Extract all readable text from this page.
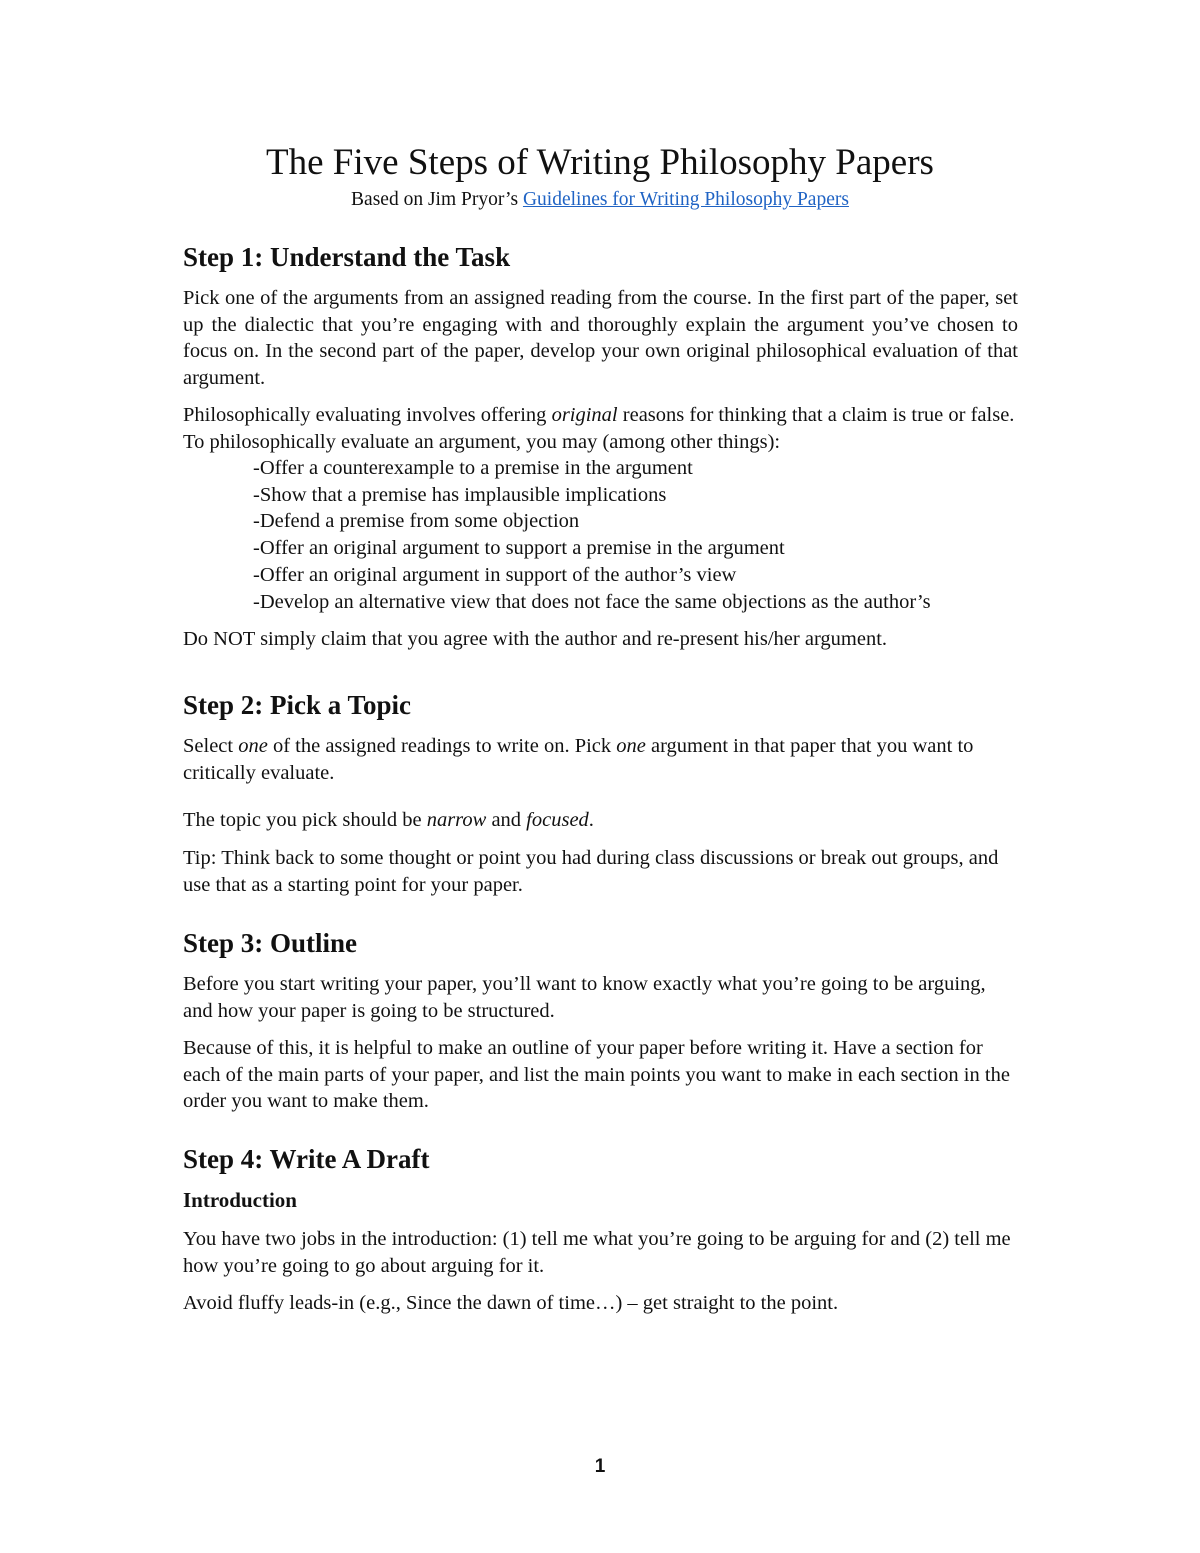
The Five Steps of Writing Philosophy Papers
Based on Jim Pryor’s Guidelines for Writing Philosophy Papers
Step 1: Understand the Task

Pick one of the arguments from an assigned reading from the course. In the first part of the paper, set up the dialectic that you’re engaging with and thoroughly explain the argument you’ve chosen to focus on. In the second part of the paper, develop your own original philosophical evaluation of that argument.

Philosophically evaluating involves offering original reasons for thinking that a claim is true or false. To philosophically evaluate an argument, you may (among other things):

-Offer a counterexample to a premise in the argument
-Show that a premise has implausible implications
-Defend a premise from some objection
-Offer an original argument to support a premise in the argument
-Offer an original argument in support of the author’s view
-Develop an alternative view that does not face the same objections as the author’s

Do NOT simply claim that you agree with the author and re-present his/her argument.

Step 2: Pick a Topic

Select one of the assigned readings to write on. Pick one argument in that paper that you want to critically evaluate.

The topic you pick should be narrow and focused.

Tip: Think back to some thought or point you had during class discussions or break out groups, and use that as a starting point for your paper.

Step 3: Outline

Before you start writing your paper, you’ll want to know exactly what you’re going to be arguing, and how your paper is going to be structured.

Because of this, it is helpful to make an outline of your paper before writing it. Have a section for each of the main parts of your paper, and list the main points you want to make in each section in the order you want to make them.

Step 4: Write A Draft
Introduction

You have two jobs in the introduction: (1) tell me what you’re going to be arguing for and (2) tell me how you’re going to go about arguing for it.

Avoid fluffy leads-in (e.g., Since the dawn of time…) – get straight to the point.

1
